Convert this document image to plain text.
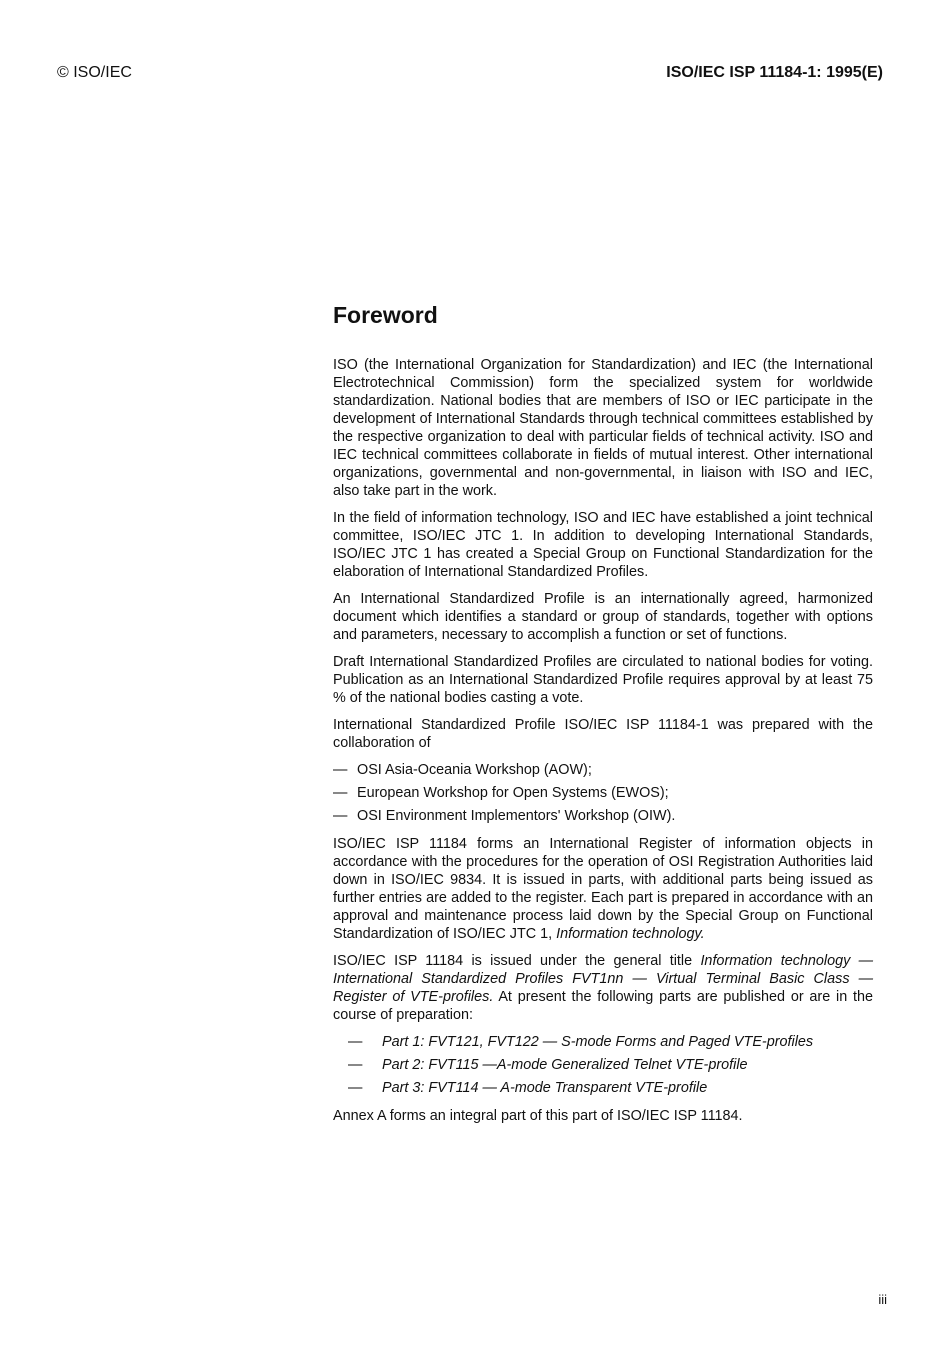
© ISO/IEC	ISO/IEC ISP 11184-1: 1995(E)
Foreword

ISO (the International Organization for Standardization) and IEC (the International Electrotechnical Commission) form the specialized system for worldwide standardization. National bodies that are members of ISO or IEC participate in the development of International Standards through technical committees established by the respective organization to deal with particular fields of technical activity. ISO and IEC technical committees collaborate in fields of mutual interest. Other international organizations, governmental and non-governmental, in liaison with ISO and IEC, also take part in the work.

In the field of information technology, ISO and IEC have established a joint technical committee, ISO/IEC JTC 1. In addition to developing International Standards, ISO/IEC JTC 1 has created a Special Group on Functional Standardization for the elaboration of International Standardized Profiles.

An International Standardized Profile is an internationally agreed, harmonized document which identifies a standard or group of standards, together with options and parameters, necessary to accomplish a function or set of functions.

Draft International Standardized Profiles are circulated to national bodies for voting. Publication as an International Standardized Profile requires approval by at least 75 % of the national bodies casting a vote.

International Standardized Profile ISO/IEC ISP 11184-1 was prepared with the collaboration of

— OSI Asia-Oceania Workshop (AOW);
— European Workshop for Open Systems (EWOS);
— OSI Environment Implementors' Workshop (OIW).

ISO/IEC ISP 11184 forms an International Register of information objects in accordance with the procedures for the operation of OSI Registration Authorities laid down in ISO/IEC 9834. It is issued in parts, with additional parts being issued as further entries are added to the register. Each part is prepared in accordance with an approval and maintenance process laid down by the Special Group on Functional Standardization of ISO/IEC JTC 1, Information technology.

ISO/IEC ISP 11184 is issued under the general title Information technology — International Standardized Profiles FVT1nn — Virtual Terminal Basic Class — Register of VTE-profiles. At present the following parts are published or are in the course of preparation:

— Part 1: FVT121, FVT122 — S-mode Forms and Paged VTE-profiles
— Part 2: FVT115 —A-mode Generalized Telnet VTE-profile
— Part 3: FVT114 — A-mode Transparent VTE-profile

Annex A forms an integral part of this part of ISO/IEC ISP 11184.

iii
